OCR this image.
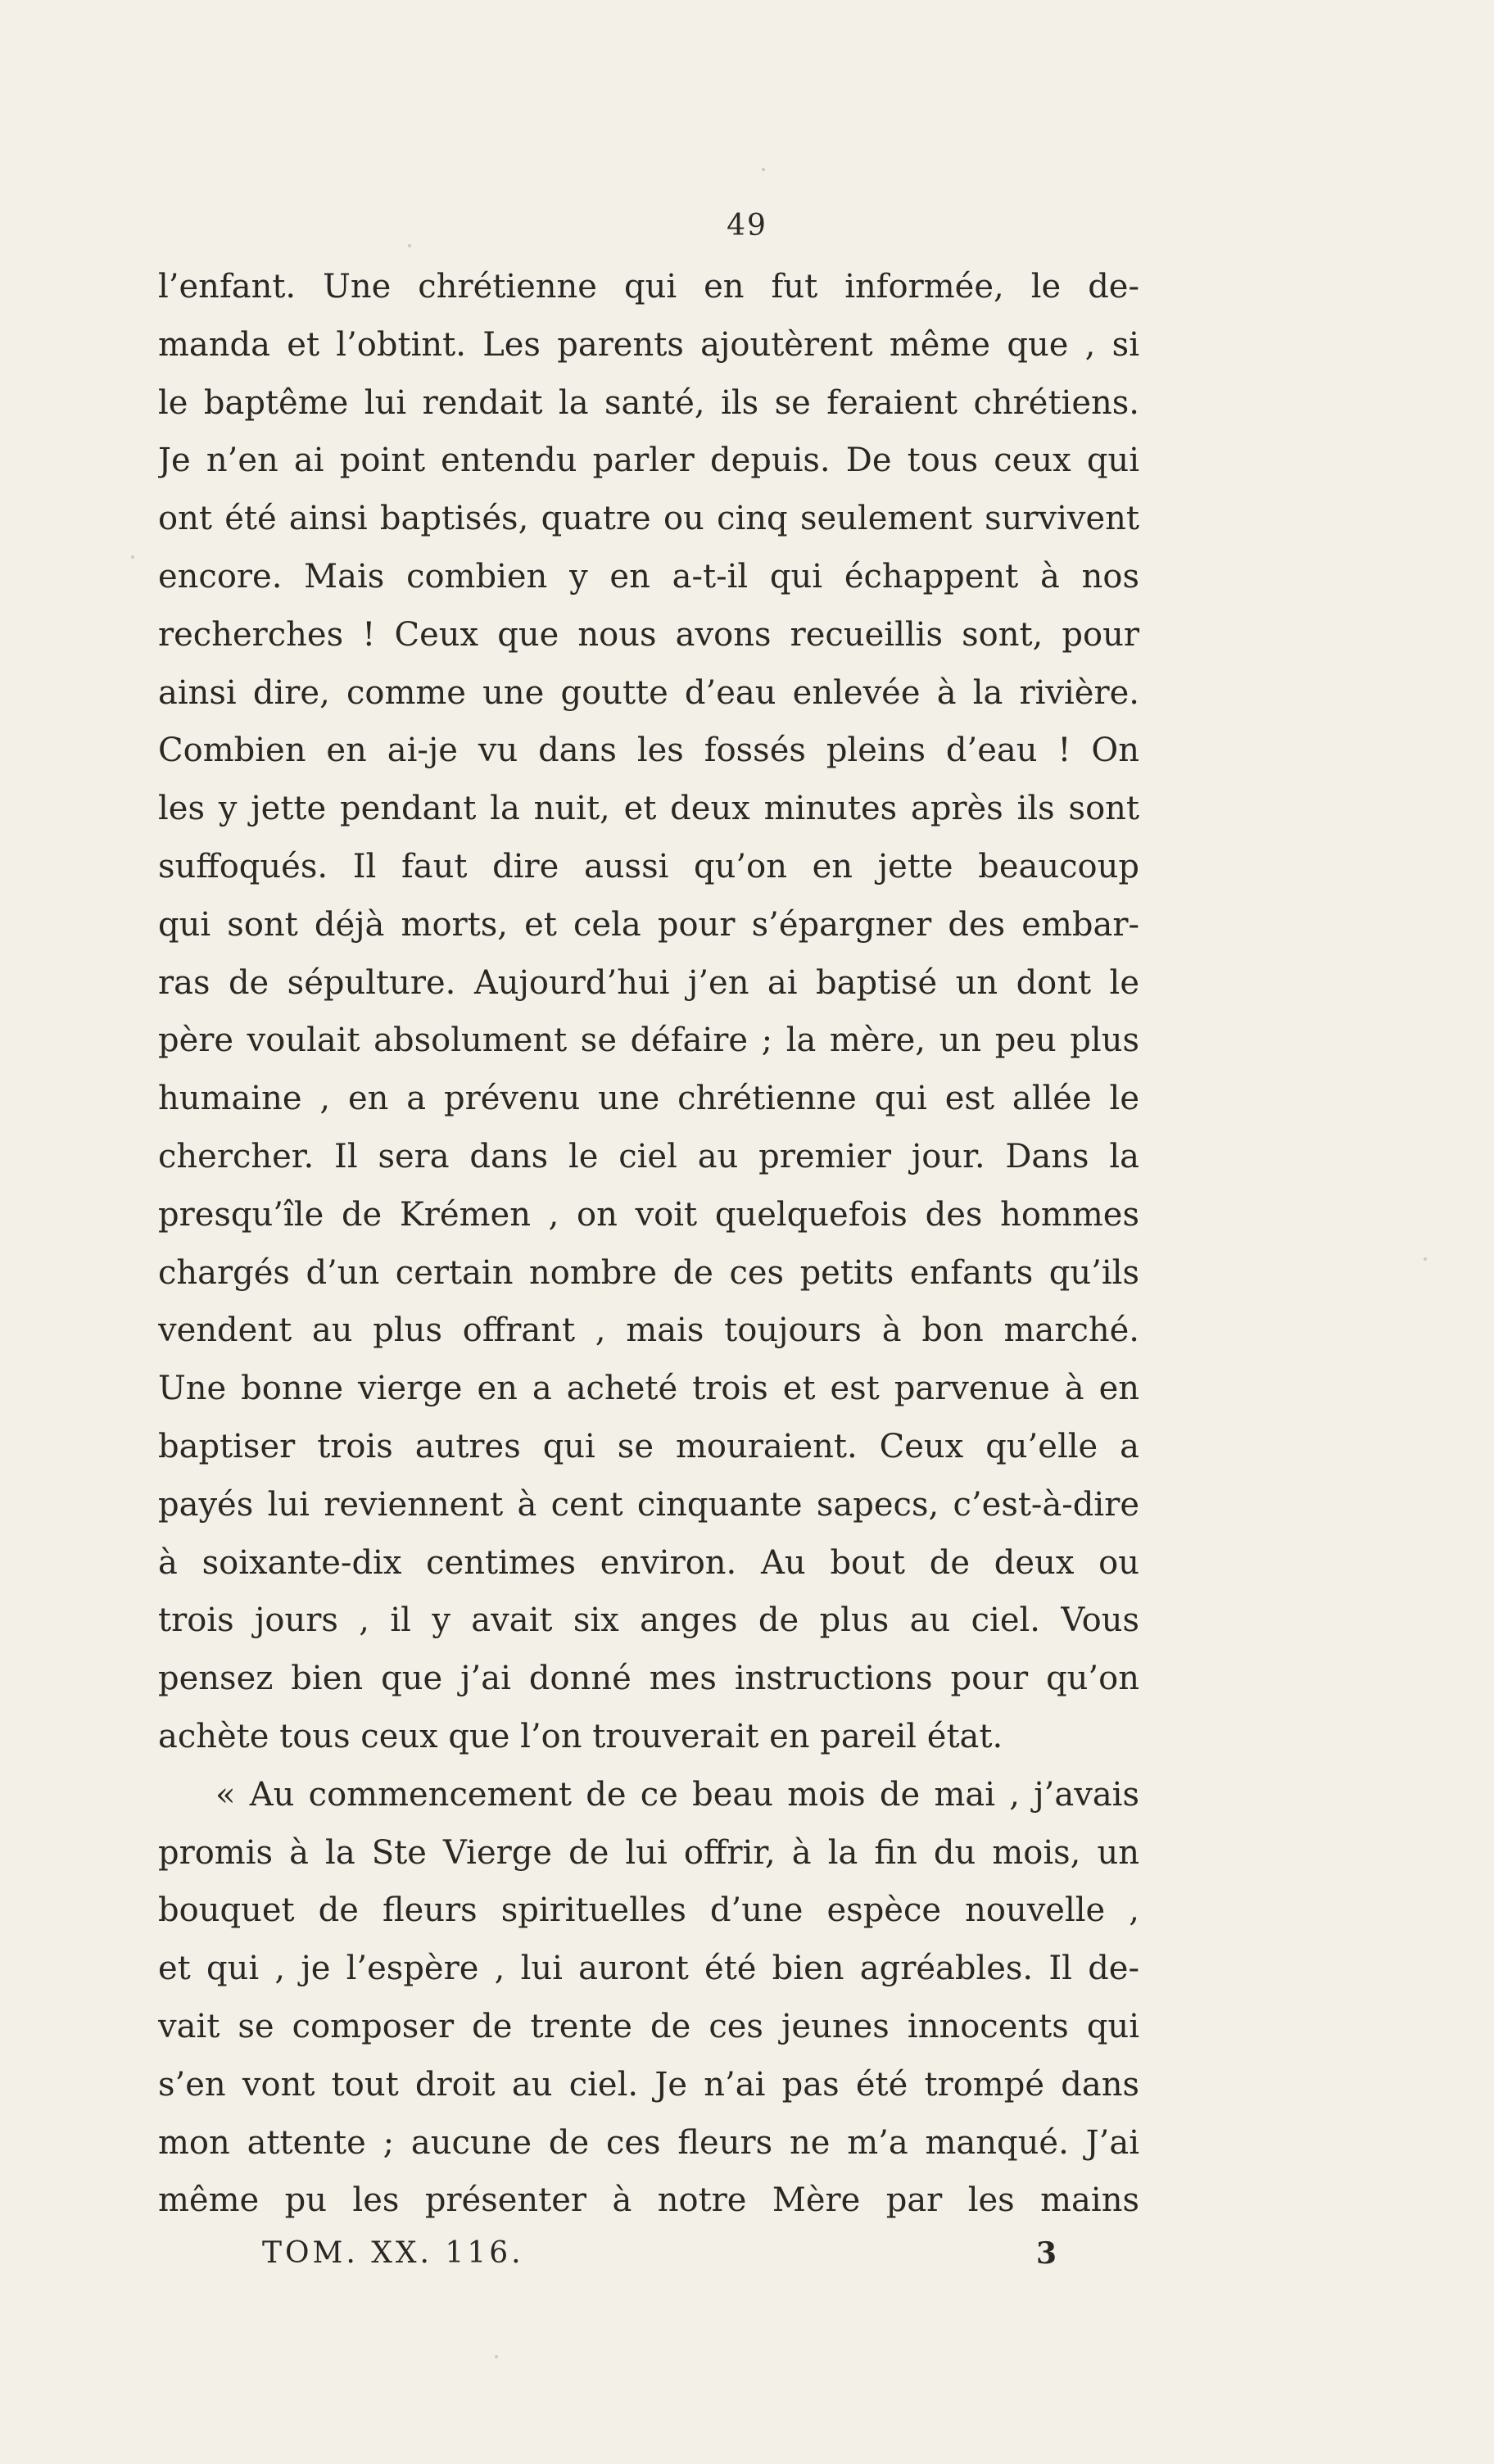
49
l’enfant. Une chrétienne qui en fut informée, le de-
manda et l’obtint. Les parents ajoutèrent même que , si
le baptême lui rendait la santé, ils se feraient chrétiens.
Je n’en ai point entendu parler depuis. De tous ceux qui
ont été ainsi baptisés, quatre ou cinq seulement survivent
encore. Mais combien y en a-t-il qui échappent à nos
recherches ! Ceux que nous avons recueillis sont, pour
ainsi dire, comme une goutte d’eau enlevée à la rivière.
Combien en ai-je vu dans les fossés pleins d’eau ! On
les y jette pendant la nuit, et deux minutes après ils sont
suffoqués. Il faut dire aussi qu’on en jette beaucoup
qui sont déjà morts, et cela pour s’épargner des embar-
ras de sépulture. Aujourd’hui j’en ai baptisé un dont le
père voulait absolument se défaire ; la mère, un peu plus
humaine , en a prévenu une chrétienne qui est allée le
chercher. Il sera dans le ciel au premier jour. Dans la
presqu’île de Krémen , on voit quelquefois des hommes
chargés d’un certain nombre de ces petits enfants qu’ils
vendent au plus offrant , mais toujours à bon marché.
Une bonne vierge en a acheté trois et est parvenue à en
baptiser trois autres qui se mouraient. Ceux qu’elle a
payés lui reviennent à cent cinquante sapecs, c’est-à-dire
à soixante-dix centimes environ. Au bout de deux ou
trois jours , il y avait six anges de plus au ciel. Vous
pensez bien que j’ai donné mes instructions pour qu’on
achète tous ceux que l’on trouverait en pareil état.
« Au commencement de ce beau mois de mai , j’avais
promis à la Ste Vierge de lui offrir, à la fin du mois, un
bouquet de fleurs spirituelles d’une espèce nouvelle ,
et qui , je l’espère , lui auront été bien agréables. Il de-
vait se composer de trente de ces jeunes innocents qui
s’en vont tout droit au ciel. Je n’ai pas été trompé dans
mon attente ; aucune de ces fleurs ne m’a manqué. J’ai
même pu les présenter à notre Mère par les mains
TOM. XX. 116.	3
